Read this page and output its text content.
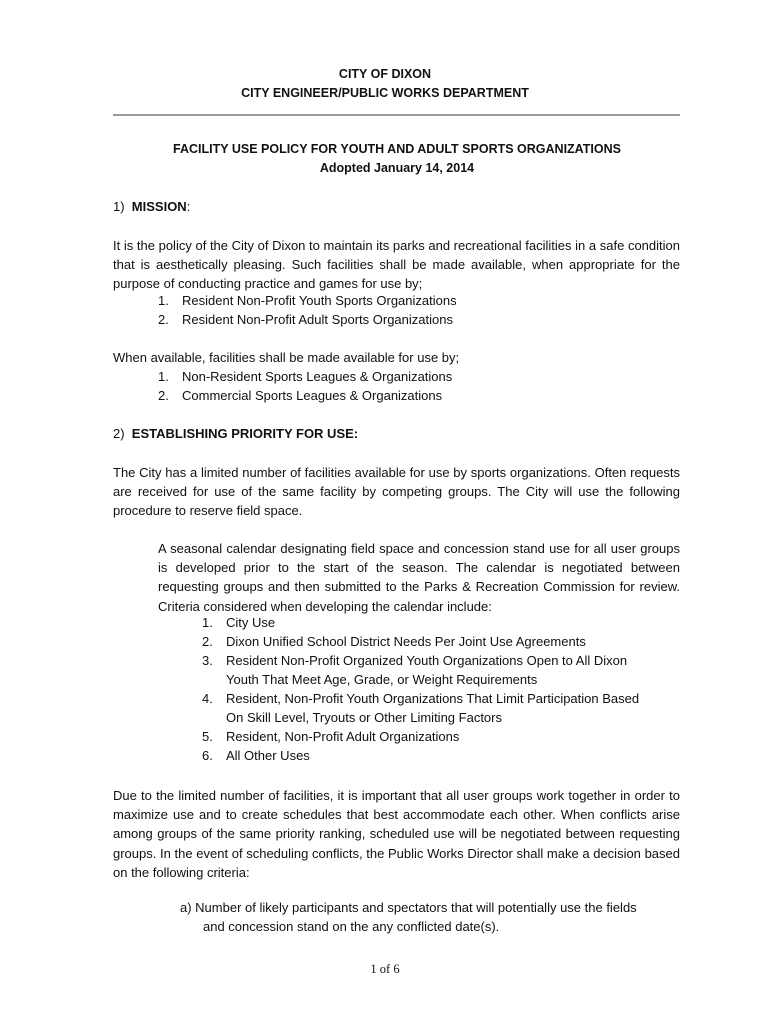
CITY OF DIXON
CITY ENGINEER/PUBLIC WORKS DEPARTMENT
FACILITY USE POLICY FOR YOUTH AND ADULT SPORTS ORGANIZATIONS
Adopted January 14, 2014
1) MISSION:
It is the policy of the City of Dixon to maintain its parks and recreational facilities in a safe condition that is aesthetically pleasing. Such facilities shall be made available, when appropriate for the purpose of conducting practice and games for use by;
1. Resident Non-Profit Youth Sports Organizations
2. Resident Non-Profit Adult Sports Organizations
When available, facilities shall be made available for use by;
1. Non-Resident Sports Leagues & Organizations
2. Commercial Sports Leagues & Organizations
2) ESTABLISHING PRIORITY FOR USE:
The City has a limited number of facilities available for use by sports organizations. Often requests are received for use of the same facility by competing groups. The City will use the following procedure to reserve field space.
A seasonal calendar designating field space and concession stand use for all user groups is developed prior to the start of the season. The calendar is negotiated between requesting groups and then submitted to the Parks & Recreation Commission for review. Criteria considered when developing the calendar include:
1. City Use
2. Dixon Unified School District Needs Per Joint Use Agreements
3. Resident Non-Profit Organized Youth Organizations Open to All Dixon
Youth That Meet Age, Grade, or Weight Requirements
4. Resident, Non-Profit Youth Organizations That Limit Participation Based
On Skill Level, Tryouts or Other Limiting Factors
5. Resident, Non-Profit Adult Organizations
6. All Other Uses
Due to the limited number of facilities, it is important that all user groups work together in order to maximize use and to create schedules that best accommodate each other. When conflicts arise among groups of the same priority ranking, scheduled use will be negotiated between requesting groups. In the event of scheduling conflicts, the Public Works Director shall make a decision based on the following criteria:
a) Number of likely participants and spectators that will potentially use the fields
and concession stand on the any conflicted date(s).
1 of 6
